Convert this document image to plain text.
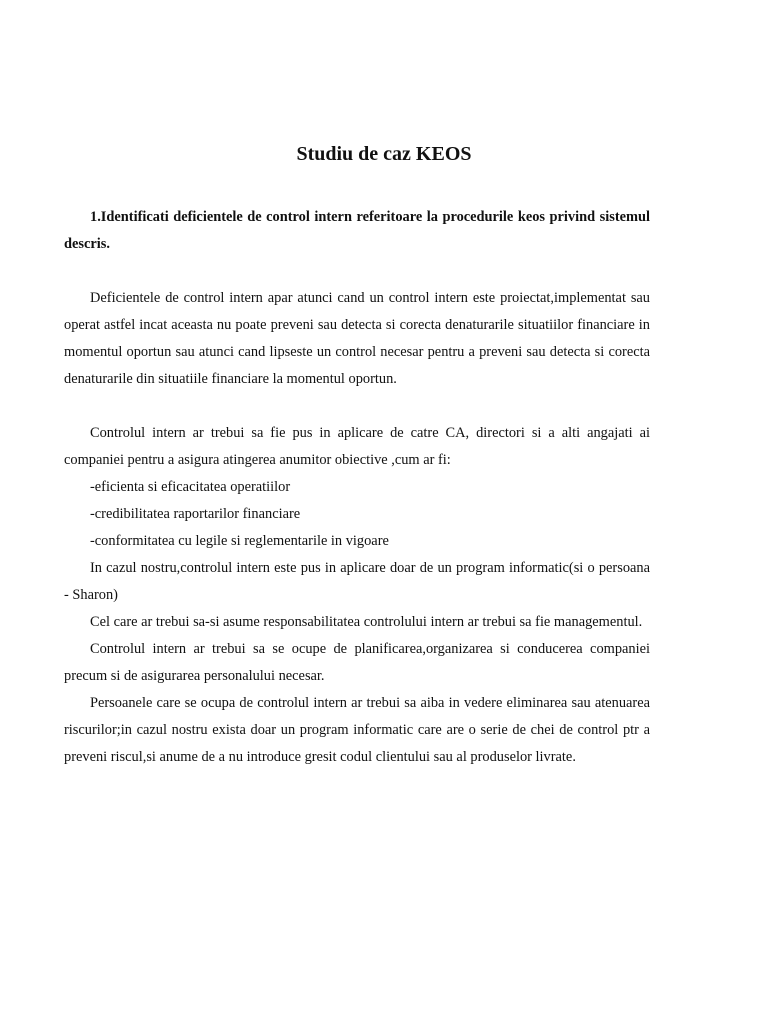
Studiu de caz KEOS

1.Identificati deficientele de control intern referitoare la procedurile keos privind sistemul descris.

Deficientele de control intern apar atunci cand un control intern este proiectat,implementat sau operat astfel incat aceasta nu poate preveni sau detecta si corecta denaturarile situatiilor financiare in momentul oportun sau atunci cand lipseste un control necesar pentru a preveni sau detecta si corecta denaturarile din situatiile financiare la momentul oportun.

Controlul intern ar trebui sa fie pus in aplicare de catre CA, directori si a alti angajati ai companiei pentru a asigura atingerea anumitor obiective ,cum ar fi:

-eficienta si eficacitatea operatiilor

-credibilitatea raportarilor financiare

-conformitatea cu legile si reglementarile in vigoare

In cazul nostru,controlul intern este pus in aplicare doar de un program informatic(si o persoana - Sharon)

Cel care ar trebui sa-si asume responsabilitatea controlului intern ar trebui sa fie managementul.

Controlul intern ar trebui sa se ocupe de planificarea,organizarea si conducerea companiei precum si de asigurarea personalului necesar.

Persoanele care se ocupa de controlul intern ar trebui sa aiba in vedere eliminarea sau atenuarea riscurilor;in cazul nostru exista doar un program informatic care are o serie de chei de control ptr a preveni riscul,si anume de a nu introduce gresit codul clientului sau al produselor livrate.
